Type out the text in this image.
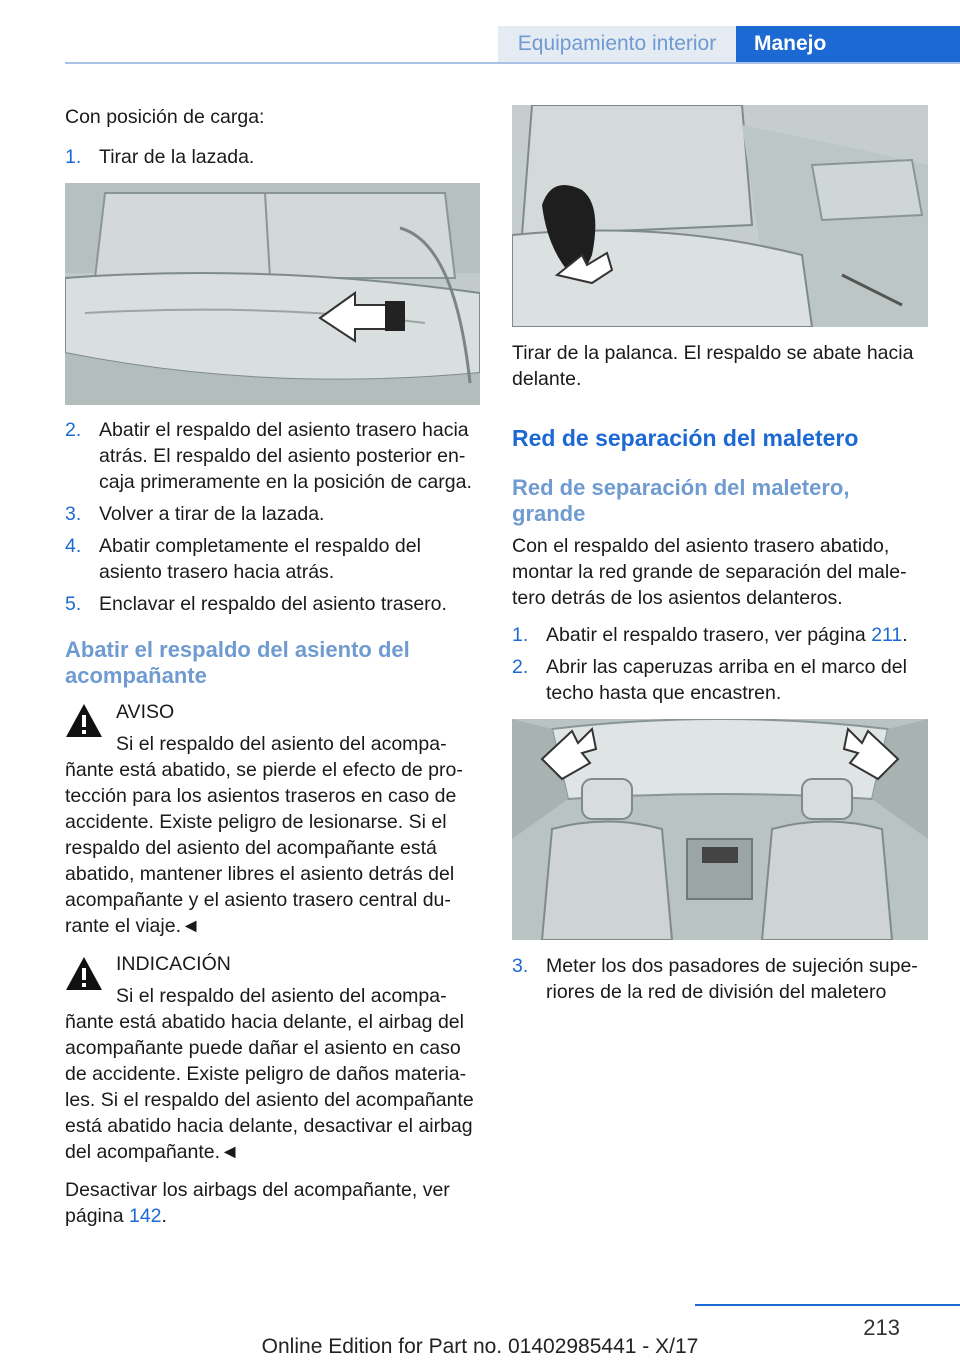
Equipamiento interior	Manejo
Con posición de carga:
1. Tirar de la lazada.
2. Abatir el respaldo del asiento trasero hacia
atrás. El respaldo del asiento posterior en-
caja primeramente en la posición de carga.
3. Volver a tirar de la lazada.
4. Abatir completamente el respaldo del
asiento trasero hacia atrás.
5. Enclavar el respaldo del asiento trasero.
Abatir el respaldo del asiento del
acompañante
AVISO
Si el respaldo del asiento del acompa-
ñante está abatido, se pierde el efecto de pro-
tección para los asientos traseros en caso de
accidente. Existe peligro de lesionarse. Si el
respaldo del asiento del acompañante está
abatido, mantener libres el asiento detrás del
acompañante y el asiento trasero central du-
rante el viaje.◄
INDICACIÓN
Si el respaldo del asiento del acompa-
ñante está abatido hacia delante, el airbag del
acompañante puede dañar el asiento en caso
de accidente. Existe peligro de daños materia-
les. Si el respaldo del asiento del acompañante
está abatido hacia delante, desactivar el airbag
del acompañante.◄
Desactivar los airbags del acompañante, ver
página 142.
Tirar de la palanca. El respaldo se abate hacia
delante.
Red de separación del maletero
Red de separación del maletero,
grande
Con el respaldo del asiento trasero abatido,
montar la red grande de separación del male-
tero detrás de los asientos delanteros.
1. Abatir el respaldo trasero, ver página 211.
2. Abrir las caperuzas arriba en el marco del
techo hasta que encastren.
3. Meter los dos pasadores de sujeción supe-
riores de la red de división del maletero
213
Online Edition for Part no. 01402985441 - X/17
